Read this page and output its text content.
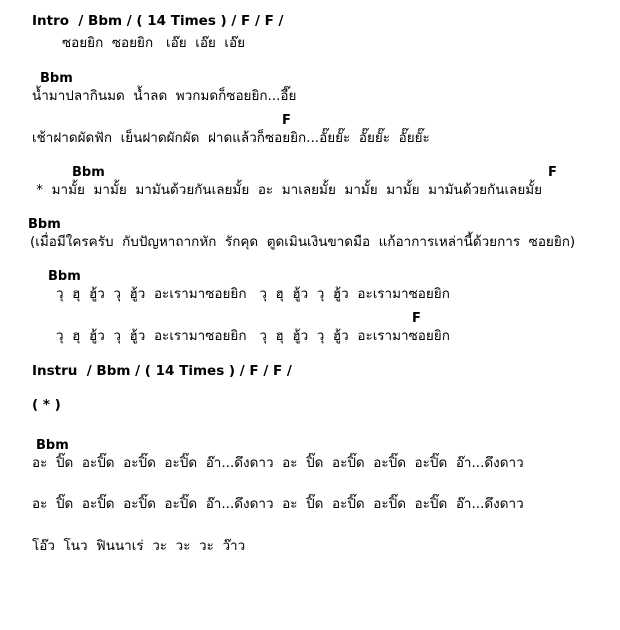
Intro  / Bbm / ( 14 Times ) / F / F /
ซอยยิก  ซอยยิก   เอ๊ย  เอ๊ย  เอ๊ย

Bbm

น้ำมาปลากินมด  น้ำลด  พวกมดก็ซอยยิก...อี๊ย

F

เช้าฝาดผัดฟัก  เย็นฝาดผักผัด  ฝาดแล้วก็ซอยยิก...อั๊ยยั๊ะ  อั๊ยยั๊ะ  อั๊ยยั๊ะ

Bbm

	F

*  มามั้ย  มามั้ย  มามันด้วยกันเลยมั้ย  อะ  มาเลยมั้ย  มามั้ย  มามั้ย  มามันด้วยกันเลยมั้ย

Bbm

(เมื่อมีใครครับ  กับปัญหาถากหัก  รักคุด  ตูดเมินเงินขาดมือ  แก้อาการเหล่านี้ด้วยการ  ซอยยิก)

Bbm

วุ  ฮุ  ฮู้ว  วุ  ฮู้ว  อะเรามาซอยยิก   วุ  ฮุ  ฮู้ว  วุ  ฮู้ว  อะเรามาซอยยิก

F

วุ  ฮุ  ฮู้ว  วุ  ฮู้ว  อะเรามาซอยยิก   วุ  ฮุ  ฮู้ว  วุ  ฮู้ว  อะเรามาซอยยิก
Instru  / Bbm / ( 14 Times ) / F / F /
( * )

Bbm

อะ  ปิ๊ด  อะปิ๊ด  อะปิ๊ด  อะปิ๊ด  อ๊า...ดึงดาว  อะ  ปิ๊ด  อะปิ๊ด  อะปิ๊ด  อะปิ๊ด  อ๊า...ดึงดาว
อะ  ปิ๊ด  อะปิ๊ด  อะปิ๊ด  อะปิ๊ด  อ๊า...ดึงดาว  อะ  ปิ๊ด  อะปิ๊ด  อะปิ๊ด  อะปิ๊ด  อ๊า...ดึงดาว
โอ๊ว  โนว  ฟินนาเร่  วะ  วะ  วะ  ว๊าว
